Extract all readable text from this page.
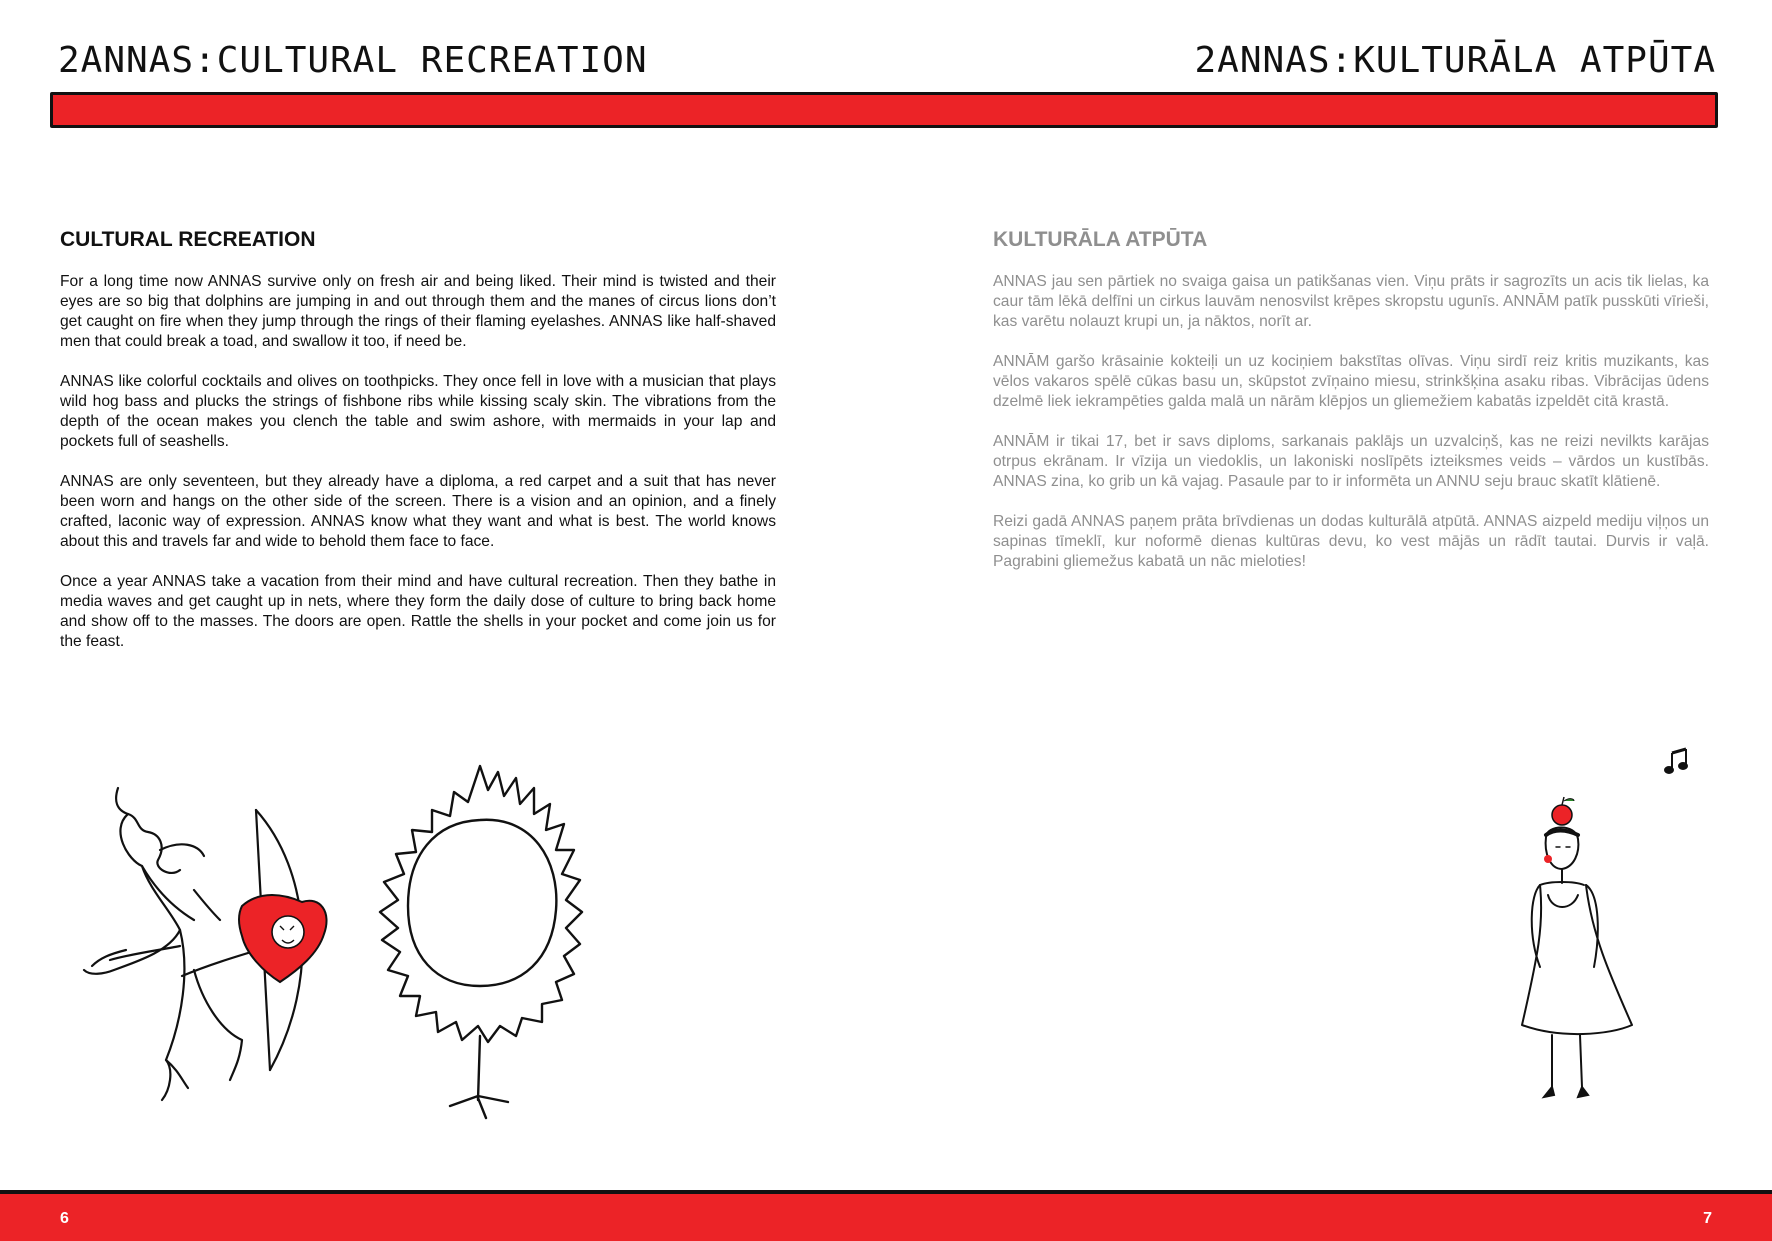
2ANNAS:CULTURAL RECREATION	2ANNAS:KULTURĀLA ATPŪTA
CULTURAL RECREATION

For a long time now ANNAS survive only on fresh air and being liked. Their mind is twisted and their eyes are so big that dolphins are jumping in and out through them and the manes of circus lions don’t get caught on fire when they jump through the rings of their flaming eyelashes. ANNAS like half-shaved men that could break a toad, and swallow it too, if need be.

ANNAS like colorful cocktails and olives on toothpicks. They once fell in love with a musician that plays wild hog bass and plucks the strings of fishbone ribs while kissing scaly skin. The vibrations from the depth of the ocean makes you clench the table and swim ashore, with mermaids in your lap and pockets full of seashells.

ANNAS are only seventeen, but they already have a diploma, a red carpet and a suit that has never been worn and hangs on the other side of the screen. There is a vision and an opinion, and a finely crafted, laconic way of expression. ANNAS know what they want and what is best. The world knows about this and travels far and wide to behold them face to face.

Once a year ANNAS take a vacation from their mind and have cultural recreation. Then they bathe in media waves and get caught up in nets, where they form the daily dose of culture to bring back home and show off to the masses. The doors are open. Rattle the shells in your pocket and come join us for the feast.

KULTURĀLA ATPŪTA

ANNAS jau sen pārtiek no svaiga gaisa un patikšanas vien. Viņu prāts ir sagrozīts un acis tik lielas, ka caur tām lēkā delfīni un cirkus lauvām nenosvilst krēpes skropstu ugunīs. ANNĀM patīk pusskūti vīrieši, kas varētu nolauzt krupi un, ja nāktos, norīt ar.

ANNĀM garšo krāsainie kokteiļi un uz kociņiem bakstītas olīvas. Viņu sirdī reiz kritis muzikants, kas vēlos vakaros spēlē cūkas basu un, skūpstot zvīņaino miesu, strinkšķina asaku ribas. Vibrācijas ūdens dzelmē liek iekrampēties galda malā un nārām klēpjos un gliemežiem kabatās izpeldēt citā krastā.

ANNĀM ir tikai 17, bet ir savs diploms, sarkanais paklājs un uzvalciņš, kas ne reizi nevilkts karājas otrpus ekrānam. Ir vīzija un viedoklis, un lakoniski noslīpēts izteiksmes veids – vārdos un kustībās. ANNAS zina, ko grib un kā vajag. Pasaule par to ir informēta un ANNU seju brauc skatīt klātienē.

Reizi gadā ANNAS paņem prāta brīvdienas un dodas kulturālā atpūtā. ANNAS aizpeld mediju viļņos un sapinas tīmeklī, kur noformē dienas kultūras devu, ko vest mājās un rādīt tautai. Durvis ir vaļā. Pagrabini gliemežus kabatā un nāc mieloties!

6	7
